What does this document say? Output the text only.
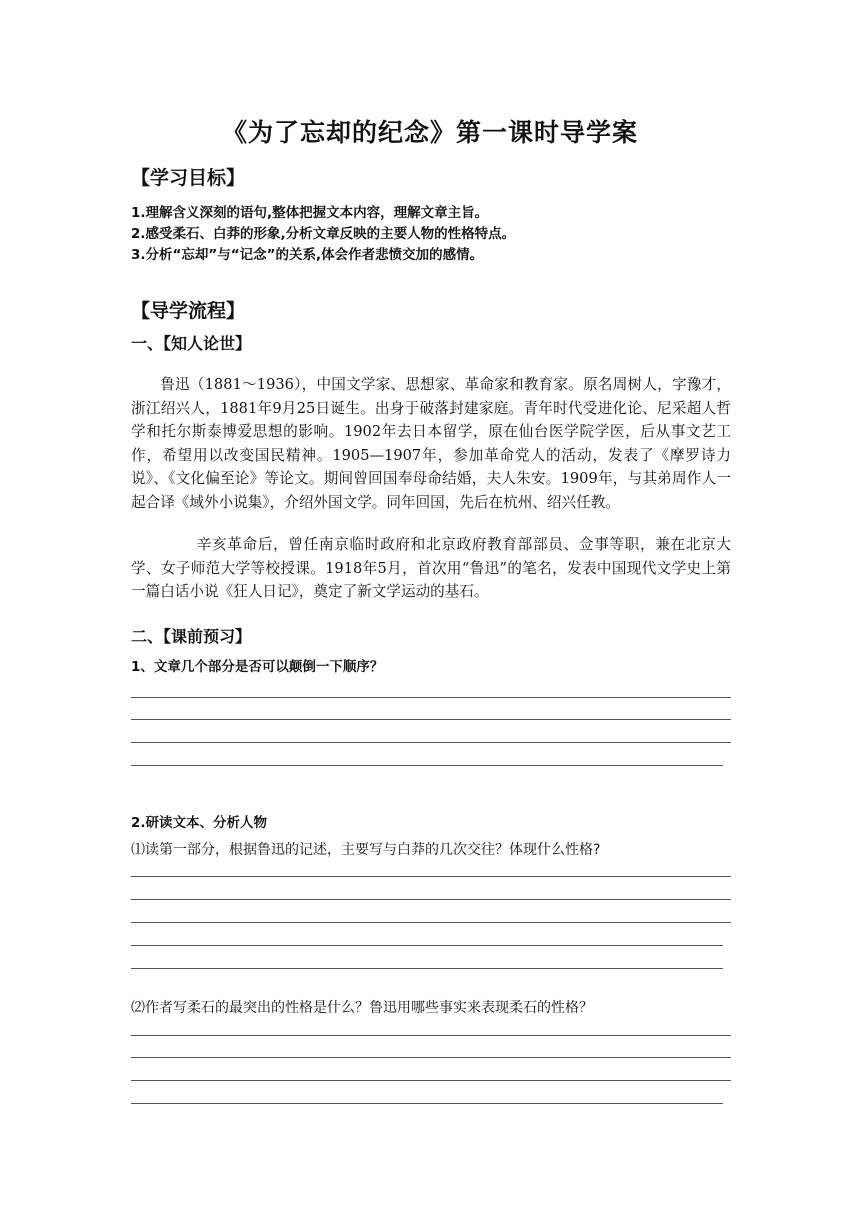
《为了忘却的纪念》第一课时导学案
【学习目标】
1.理解含义深刻的语句,整体把握文本内容，理解文章主旨。
2.感受柔石、白莽的形象,分析文章反映的主要人物的性格特点。
3.分析“忘却”与“记念”的关系,体会作者悲愤交加的感情。
【导学流程】
一、【知人论世】
鲁迅（1881～1936），中国文学家、思想家、革命家和教育家。原名周树人，字豫才，浙江绍兴人，1881年9月25日诞生。出身于破落封建家庭。青年时代受进化论、尼采超人哲学和托尔斯泰博爱思想的影响。1902年去日本留学，原在仙台医学院学医，后从事文艺工作，希望用以改变国民精神。1905—1907年，参加革命党人的活动，发表了《摩罗诗力说》、《文化偏至论》等论文。期间曾回国奉母命结婚，夫人朱安。1909年，与其弟周作人一起合译《域外小说集》，介绍外国文学。同年回国，先后在杭州、绍兴任教。
辛亥革命后，曾任南京临时政府和北京政府教育部部员、佥事等职，兼在北京大学、女子师范大学等校授课。1918年5月，首次用“鲁迅”的笔名，发表中国现代文学史上第一篇白话小说《狂人日记》，奠定了新文学运动的基石。
二、【课前预习】
1、文章几个部分是否可以颠倒一下顺序？
2.研读文本、分析人物
⑴读第一部分，根据鲁迅的记述，主要写与白莽的几次交往？体现什么性格?
⑵作者写柔石的最突出的性格是什么？鲁迅用哪些事实来表现柔石的性格？
